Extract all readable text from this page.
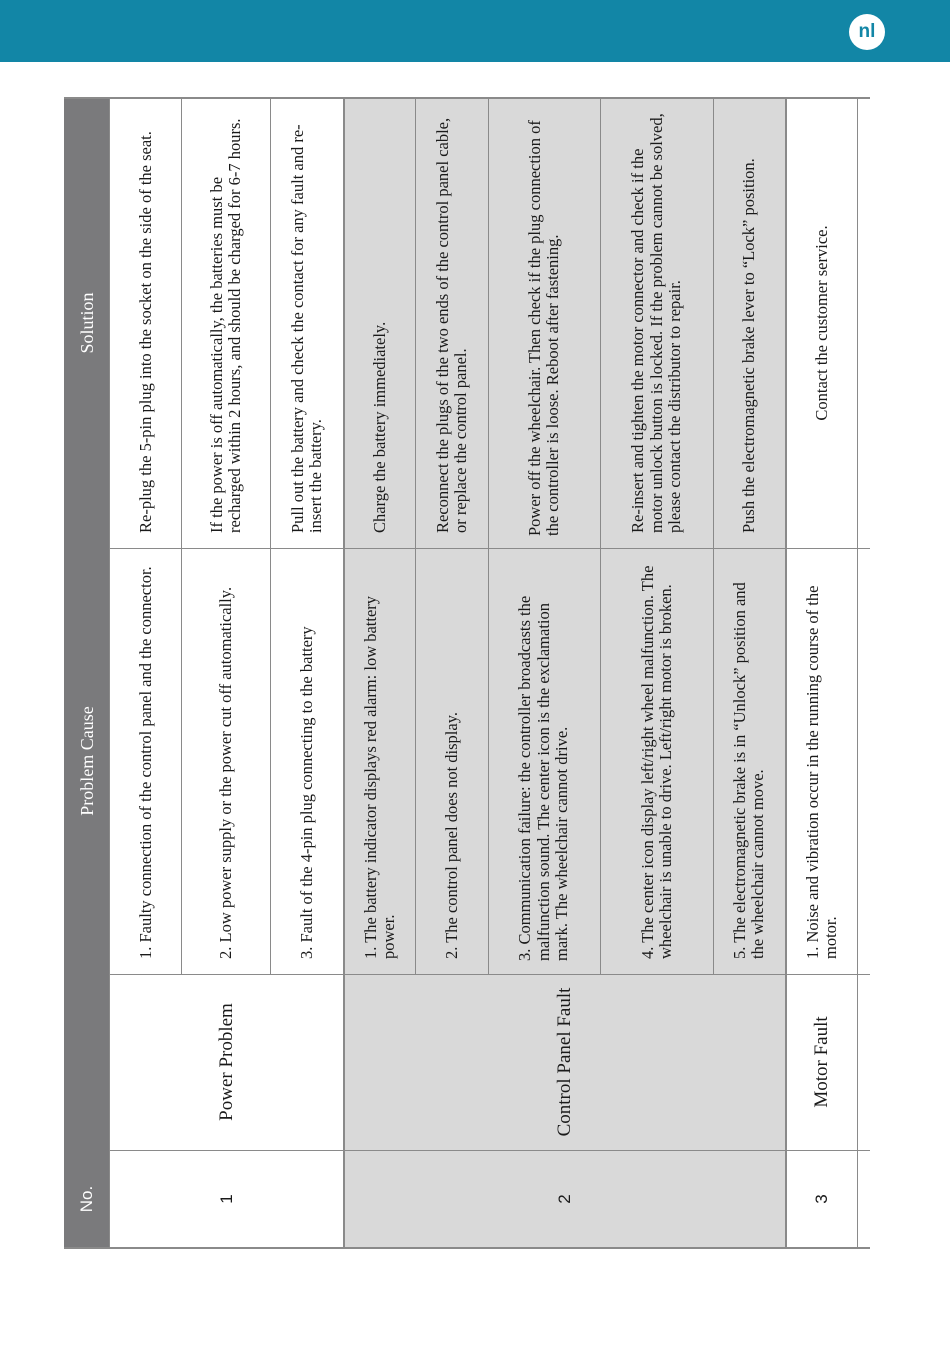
nl
Solution
Problem Cause
No.
Re-plug the 5-pin plug into the socket on the side of the seat.
1. Faulty connection of the control panel and the connector.
If the power is off automatically, the batteries must be recharged within 2 hours, and should be charged for 6-7 hours.
2. Low power supply or the power cut off automatically.
Pull out the battery and check the contact for any fault and re-insert the battery.
3. Fault of the 4-pin plug connecting to the battery
Power Problem
1
Charge the battery immediately.
1. The battery indicator displays red alarm: low battery power.
Reconnect the plugs of the two ends of the control panel cable, or replace the control panel.
2. The control panel does not display.
Power off the wheelchair. Then check if the plug connection of the controller is loose. Reboot after fastening.
3. Communication failure: the controller broadcasts the malfunction sound. The center icon is the exclamation mark. The wheelchair cannot drive.
Re-insert and tighten the motor connector and check if the motor unlock button is locked. If the problem cannot be solved, please contact the distributor to repair.
4. The center icon display left/right wheel malfunction. The wheelchair is unable to drive. Left/right motor is broken.
Push the electromagnetic brake lever to “Lock” position.
5. The electromagnetic brake is in “Unlock” position and the wheelchair cannot move.
Control Panel Fault
2
Contact the customer service.
1. Noise and vibration occur in the running course of the motor.
Motor Fault
3
